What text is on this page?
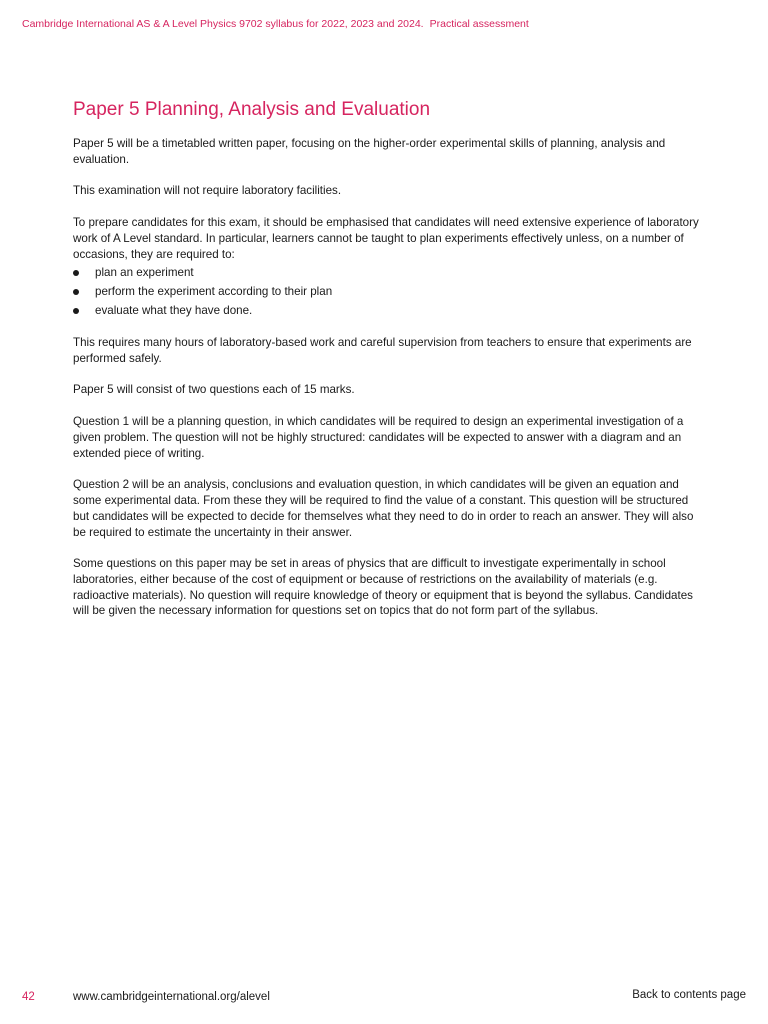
Cambridge International AS & A Level Physics 9702 syllabus for 2022, 2023 and 2024. Practical assessment
Paper 5 Planning, Analysis and Evaluation

Paper 5 will be a timetabled written paper, focusing on the higher-order experimental skills of planning, analysis and evaluation.

This examination will not require laboratory facilities.

To prepare candidates for this exam, it should be emphasised that candidates will need extensive experience of laboratory work of A Level standard. In particular, learners cannot be taught to plan experiments effectively unless, on a number of occasions, they are required to:

plan an experiment
perform the experiment according to their plan
evaluate what they have done.

This requires many hours of laboratory-based work and careful supervision from teachers to ensure that experiments are performed safely.

Paper 5 will consist of two questions each of 15 marks.

Question 1 will be a planning question, in which candidates will be required to design an experimental investigation of a given problem. The question will not be highly structured: candidates will be expected to answer with a diagram and an extended piece of writing.

Question 2 will be an analysis, conclusions and evaluation question, in which candidates will be given an equation and some experimental data. From these they will be required to find the value of a constant. This question will be structured but candidates will be expected to decide for themselves what they need to do in order to reach an answer. They will also be required to estimate the uncertainty in their answer.

Some questions on this paper may be set in areas of physics that are difficult to investigate experimentally in school laboratories, either because of the cost of equipment or because of restrictions on the availability of materials (e.g. radioactive materials). No question will require knowledge of theory or equipment that is beyond the syllabus. Candidates will be given the necessary information for questions set on topics that do not form part of the syllabus.

42	www.cambridgeinternational.org/alevel	Back to contents page
